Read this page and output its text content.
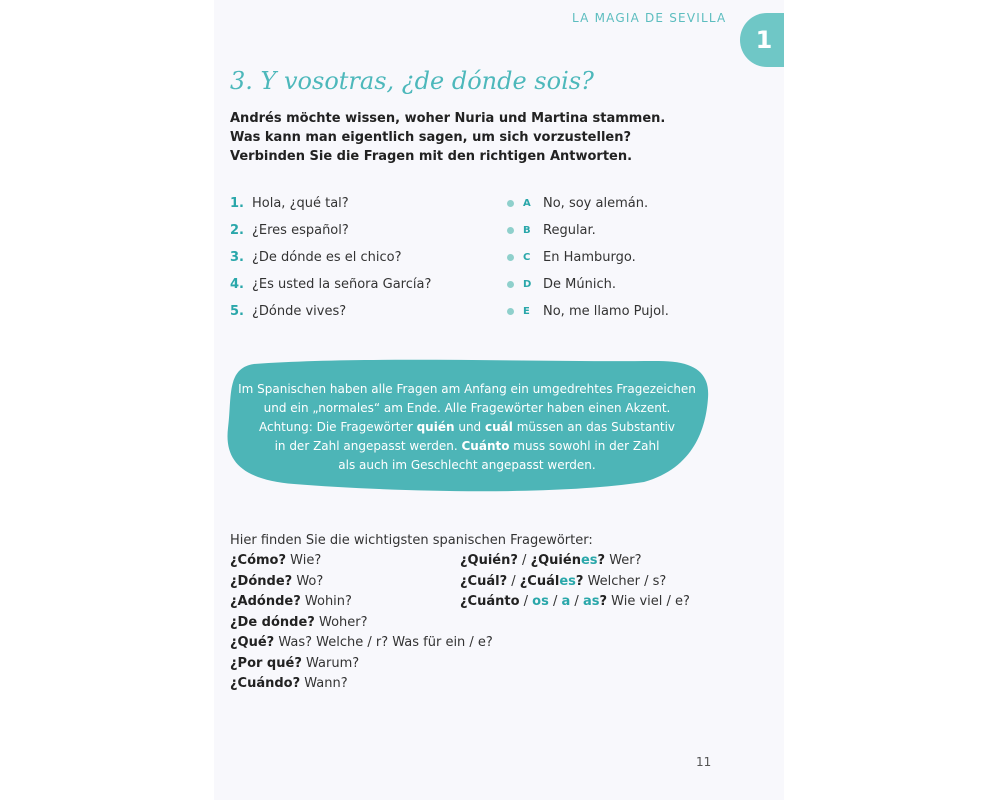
LA MAGIA DE SEVILLA
1
3. Y vosotras, ¿de dónde sois?
Andrés möchte wissen, woher Nuria und Martina stammen.
Was kann man eigentlich sagen, um sich vorzustellen?
Verbinden Sie die Fragen mit den richtigen Antworten.
1. Hola, ¿qué tal?
2. ¿Eres español?
3. ¿De dónde es el chico?
4. ¿Es usted la señora García?
5. ¿Dónde vives?
A No, soy alemán.
B Regular.
C En Hamburgo.
D De Múnich.
E	No, me llamo Pujol.
Im Spanischen haben alle Fragen am Anfang ein umgedrehtes Fragezeichen
und ein „normales“ am Ende. Alle Fragewörter haben einen Akzent.
Achtung: Die Fragewörter quién und cuál müssen an das Substantiv
in der Zahl angepasst werden. Cuánto muss sowohl in der Zahl
als auch im Geschlecht angepasst werden.
Hier finden Sie die wichtigsten spanischen Fragewörter:
¿Cómo? Wie?
¿Dónde? Wo?
¿Adónde? Wohin?
¿De dónde? Woher?
¿Qué? Was? Welche / r? Was für ein / e?
¿Por qué? Warum?
¿Cuándo? Wann?
¿Quién? / ¿Quiénes? Wer?
¿Cuál? / ¿Cuáles? Welcher / s?
¿Cuánto / os / a / as? Wie viel / e?
11
